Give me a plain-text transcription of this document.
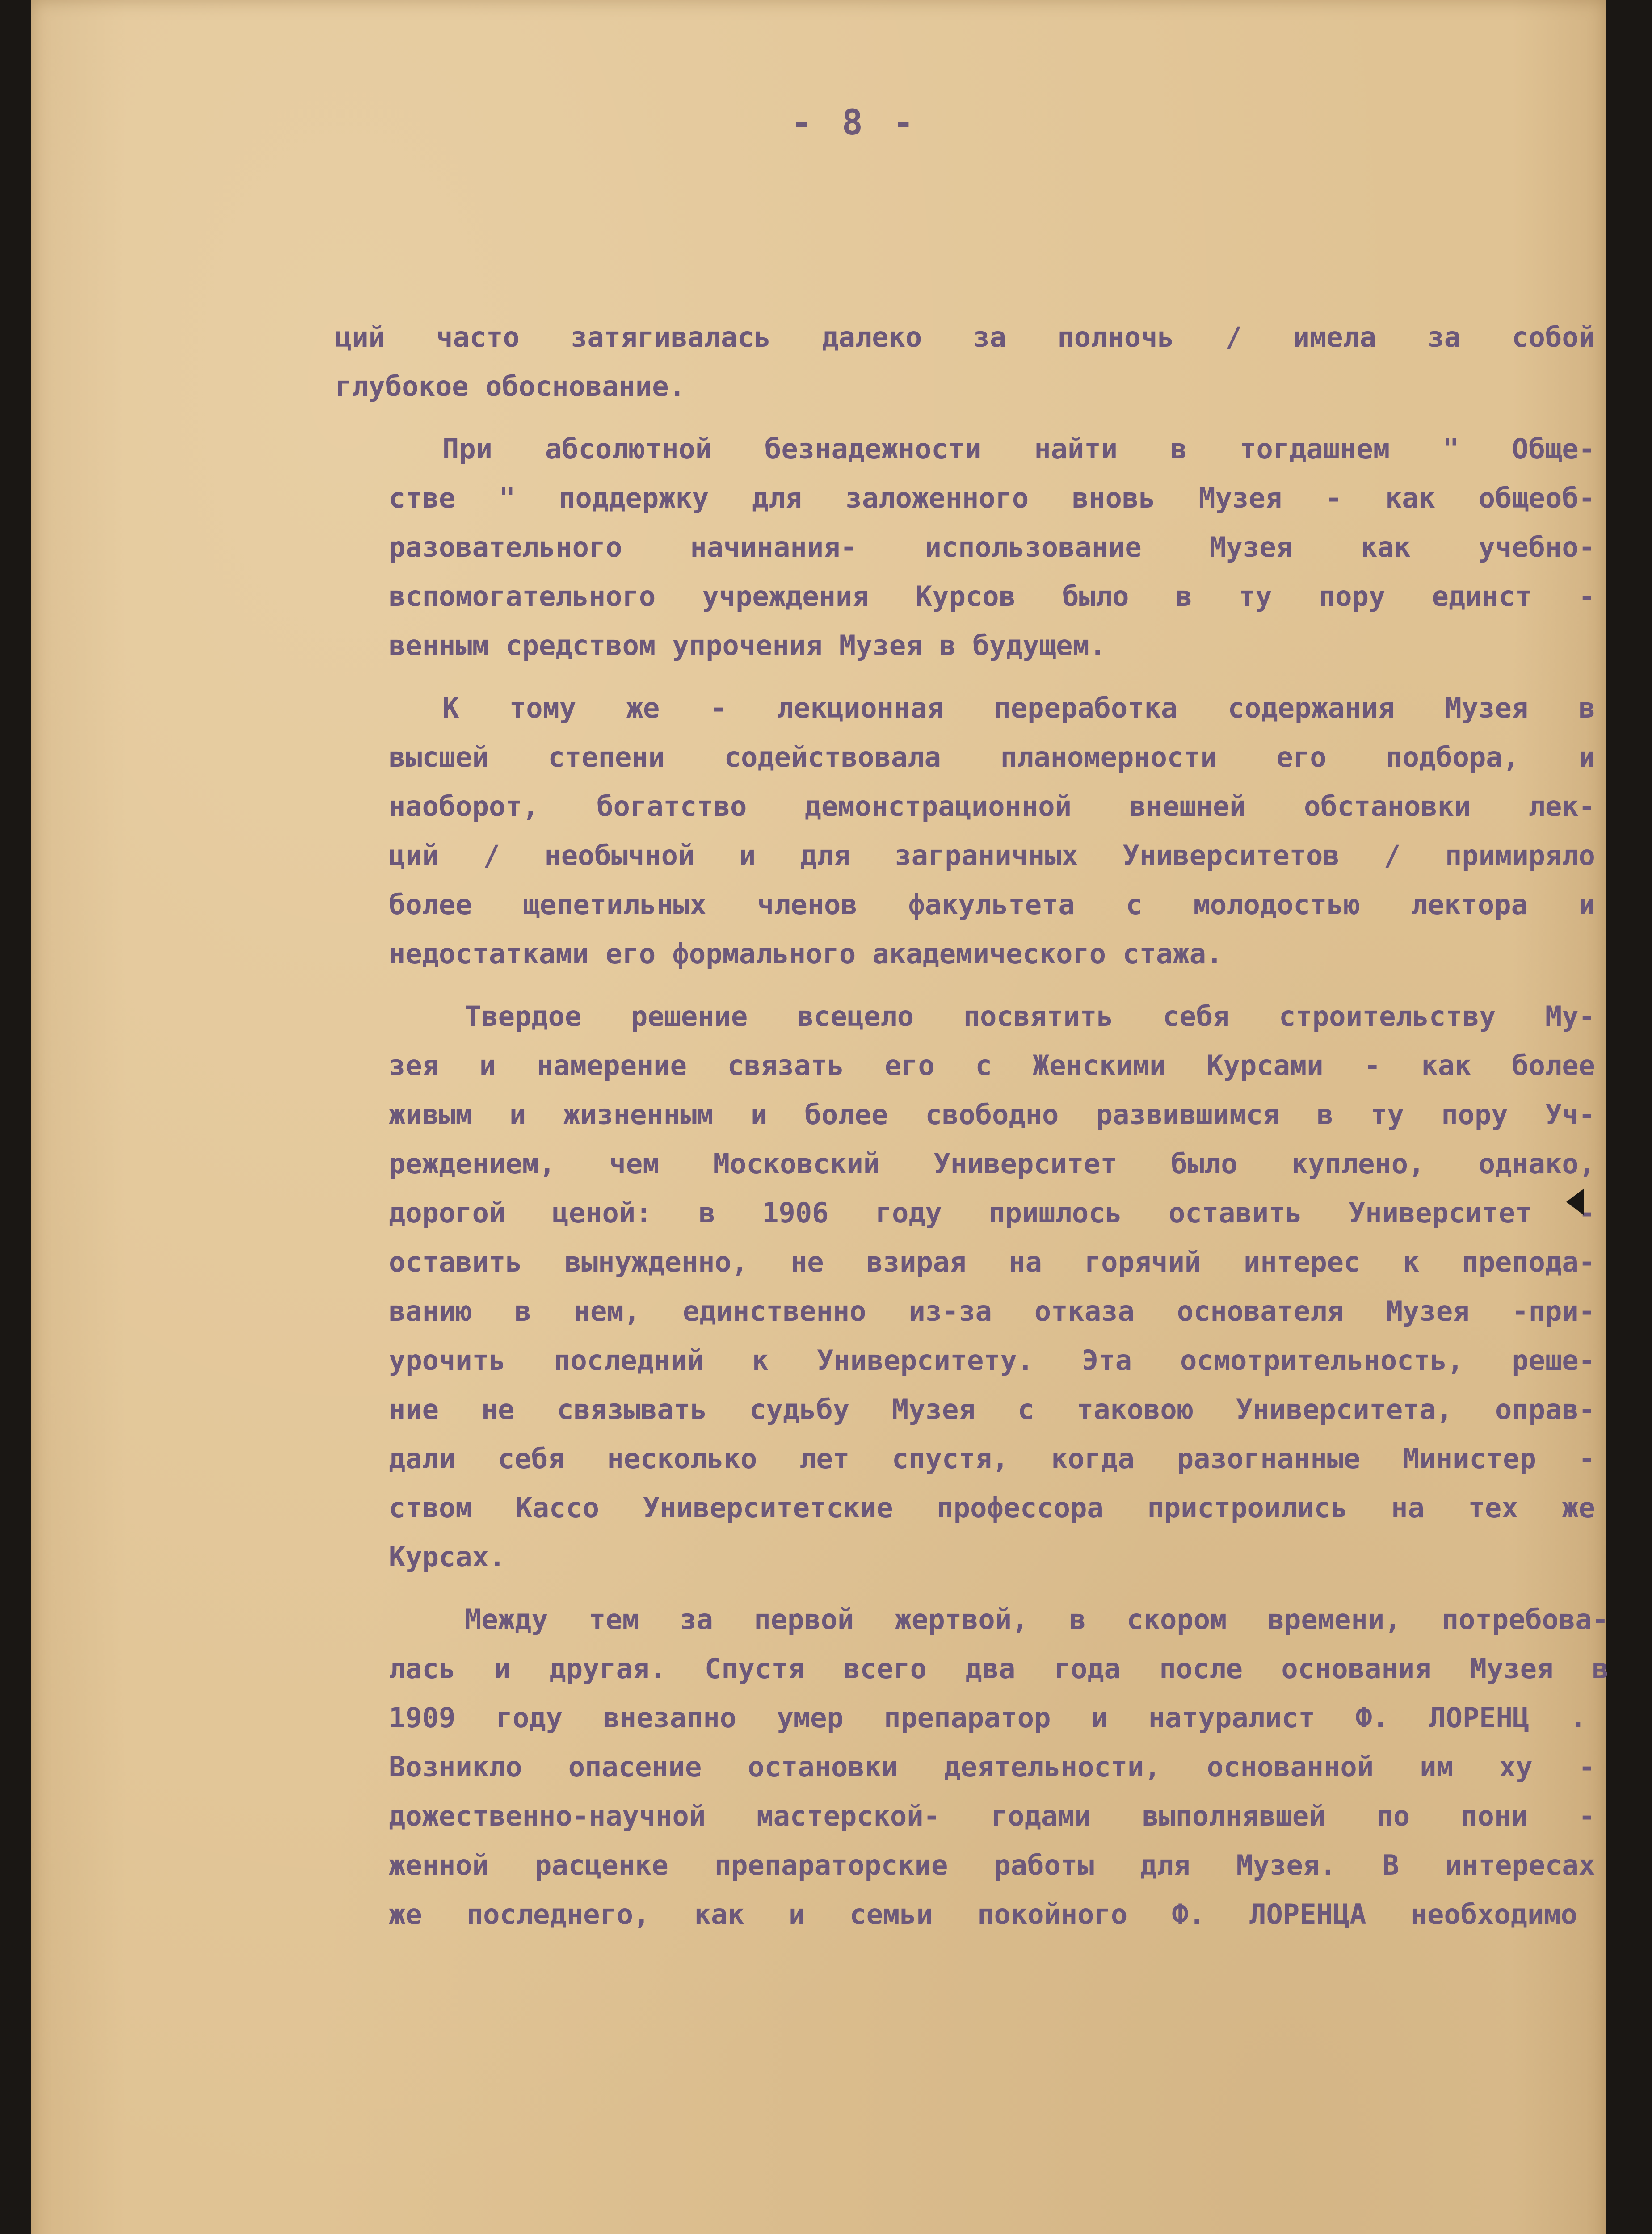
- 8 -
ций часто затягивалась далеко за полночь / имела за собой
глубокое обоснование.
При абсолютной безнадежности найти в тогдашнем " Обще-
стве " поддержку для заложенного вновь Музея - как общеоб-
разовательного начинания- использование Музея как учебно-
вспомогательного учреждения Курсов было в ту пору единст -
венным средством упрочения Музея в будущем.
К тому же - лекционная переработка содержания Музея в
высшей степени содействовала планомерности его подбора, и
наоборот, богатство демонстрационной внешней обстановки лек-
ций / необычной и для заграничных Университетов / примиряло
более щепетильных членов факультета с молодостью лектора и
недостатками его формального академического стажа.
Твердое решение всецело посвятить себя строительству Му-
зея и намерение связать его с Женскими Курсами - как более
живым и жизненным и более свободно развившимся в ту пору Уч-
реждением, чем Московский Университет было куплено, однако,
дорогой ценой: в 1906 году пришлось оставить Университет -
оставить вынужденно, не взирая на горячий интерес к препода-
ванию в нем, единственно из-за отказа основателя Музея -при-
урочить последний к Университету. Эта осмотрительность, реше-
ние не связывать судьбу Музея с таковою Университета, оправ-
дали себя несколько лет спустя, когда разогнанные Министер -
ством Кассо Университетские профессора пристроились на тех же
Курсах.
Между тем за первой жертвой, в скором времени, потребова-
лась и другая. Спустя всего два года после основания Музея в
1909 году внезапно умер препаратор и натуралист Ф. ЛОРЕНЦ .
Возникло опасение остановки деятельности, основанной им ху -
дожественно-научной мастерской- годами выполнявшей по пони -
женной расценке препараторские работы для Музея. В интересах
же последнего, как и семьи покойного Ф. ЛОРЕНЦА необходимо
